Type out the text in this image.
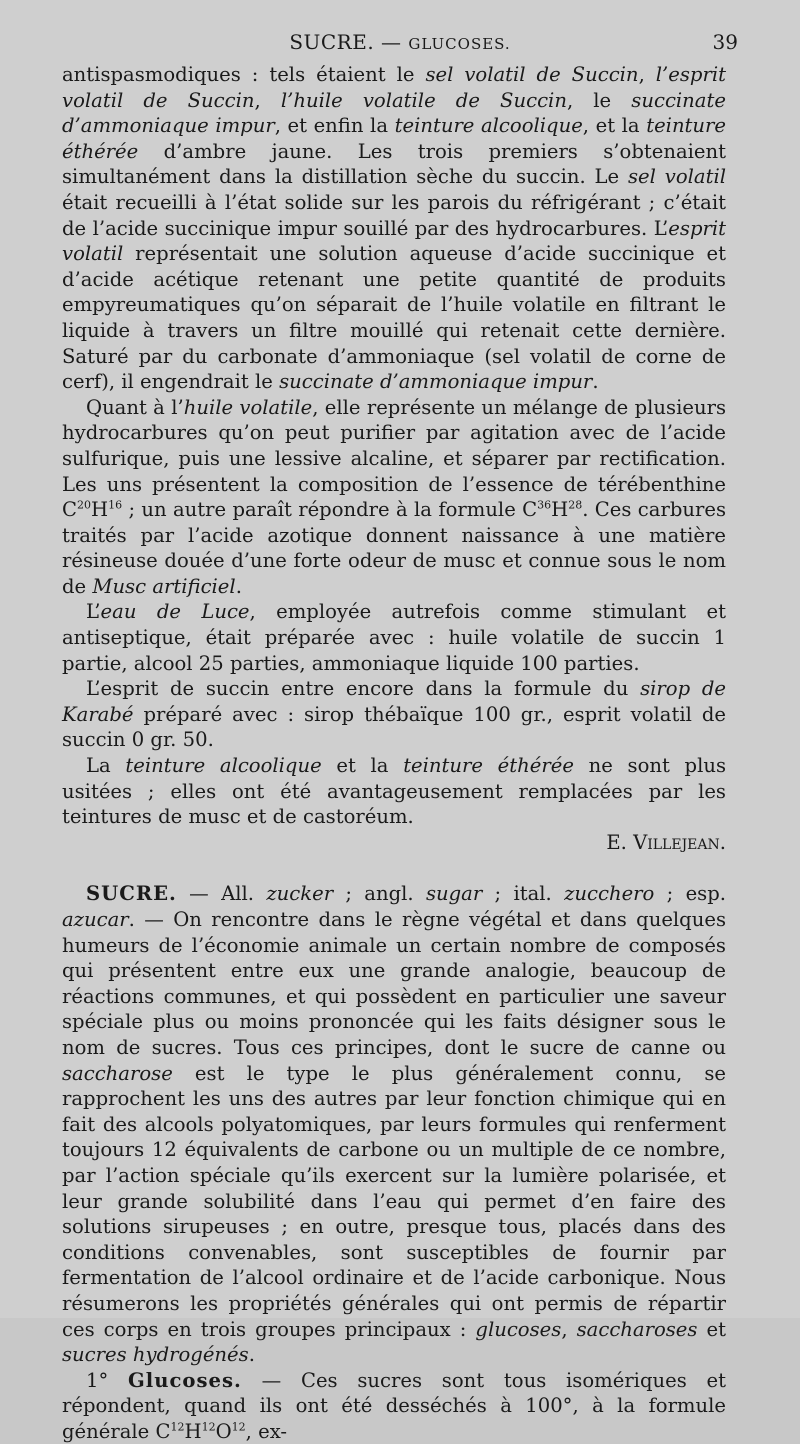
SUCRE. — GLUCOSES.	39

antispasmodiques : tels étaient le sel volatil de Succin, l’esprit volatil de Succin, l’huile volatile de Succin, le succinate d’ammoniaque impur, et enfin la teinture alcoolique, et la teinture éthérée d’ambre jaune. Les trois premiers s’obtenaient simultanément dans la distillation sèche du succin. Le sel volatil était recueilli à l’état solide sur les parois du réfrigérant ; c’était de l’acide succinique impur souillé par des hydrocarbures. L’esprit volatil représentait une solution aqueuse d’acide succinique et d’acide acétique retenant une petite quantité de produits empyreumatiques qu’on séparait de l’huile volatile en filtrant le liquide à travers un filtre mouillé qui retenait cette dernière. Saturé par du carbonate d’ammoniaque (sel volatil de corne de cerf), il engendrait le succinate d’ammoniaque impur.

Quant à l’huile volatile, elle représente un mélange de plusieurs hydrocarbures qu’on peut purifier par agitation avec de l’acide sulfurique, puis une lessive alcaline, et séparer par rectification. Les uns présentent la composition de l’essence de térébenthine $C^{20}H^{16}$ ; un autre paraît répondre à la formule $C^{36}H^{28}$. Ces carbures traités par l’acide azotique donnent naissance à une matière résineuse douée d’une forte odeur de musc et connue sous le nom de Musc artificiel.

L’eau de Luce, employée autrefois comme stimulant et antiseptique, était préparée avec : huile volatile de succin 1 partie, alcool 25 parties, ammoniaque liquide 100 parties.

L’esprit de succin entre encore dans la formule du sirop de Karabé préparé avec : sirop thébaïque 100 gr., esprit volatil de succin 0 gr. 50.

La teinture alcoolique et la teinture éthérée ne sont plus usitées ; elles ont été avantageusement remplacées par les teintures de musc et de castoréum.

E. Villejean.

SUCRE. — All. zucker ; angl. sugar ; ital. zucchero ; esp. azucar. — On rencontre dans le règne végétal et dans quelques humeurs de l’économie animale un certain nombre de composés qui présentent entre eux une grande analogie, beaucoup de réactions communes, et qui possèdent en particulier une saveur spéciale plus ou moins prononcée qui les faits désigner sous le nom de sucres. Tous ces principes, dont le sucre de canne ou saccharose est le type le plus généralement connu, se rapprochent les uns des autres par leur fonction chimique qui en fait des alcools polyatomiques, par leurs formules qui renferment toujours 12 équivalents de carbone ou un multiple de ce nombre, par l’action spéciale qu’ils exercent sur la lumière polarisée, et leur grande solubilité dans l’eau qui permet d’en faire des solutions sirupeuses ; en outre, presque tous, placés dans des conditions convenables, sont susceptibles de fournir par fermentation de l’alcool ordinaire et de l’acide carbonique. Nous résumerons les propriétés générales qui ont permis de répartir ces corps en trois groupes principaux : glucoses, saccharoses et sucres hydrogénés.

1° Glucoses. — Ces sucres sont tous isomériques et répondent, quand ils ont été desséchés à 100°, à la formule générale $C^{12}H^{12}O^{12}$, ex-
